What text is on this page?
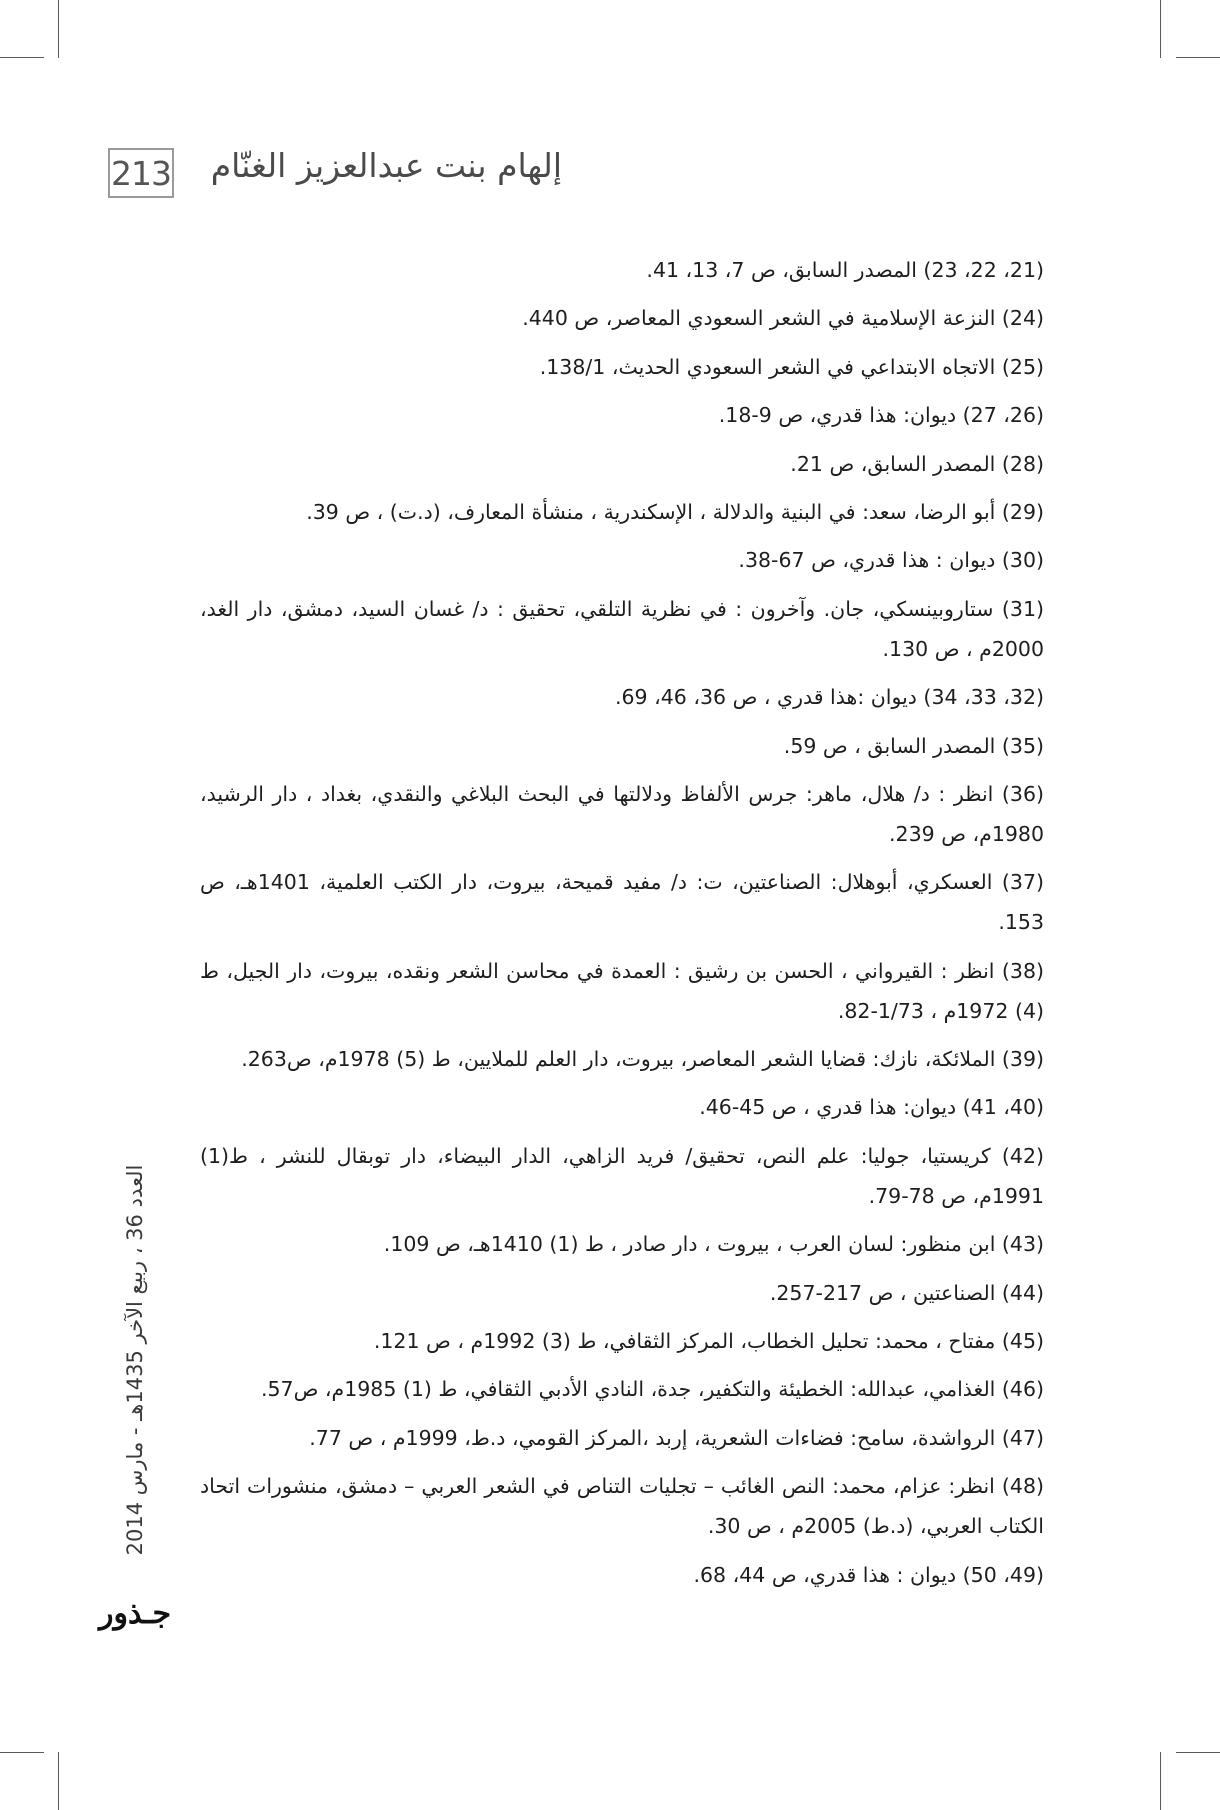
213	إلهام بنت عبدالعزيز الغنّام
(21، 22، 23) المصدر السابق، ص 7، 13، 41.
(24) النزعة الإسلامية في الشعر السعودي المعاصر، ص 440.
(25) الاتجاه الابتداعي في الشعر السعودي الحديث، 138/1.
(26، 27) ديوان: هذا قدري، ص 9-18.
(28) المصدر السابق، ص 21.
(29) أبو الرضا، سعد: في البنية والدلالة ، الإسكندرية ، منشأة المعارف، (د.ت) ، ص 39.
(30) ديوان : هذا قدري، ص 67-38.
(31) ستاروبينسكي، جان. وآخرون : في نظرية التلقي، تحقيق : د/ غسان السيد، دمشق، دار الغد، 2000م ، ص 130.
(32، 33، 34) ديوان :هذا قدري ، ص 36، 46، 69.
(35) المصدر السابق ، ص 59.
(36) انظر : د/ هلال، ماهر: جرس الألفاظ ودلالتها في البحث البلاغي والنقدي، بغداد ، دار الرشيد، 1980م، ص 239.
(37) العسكري، أبوهلال: الصناعتين، ت: د/ مفيد قميحة، بيروت، دار الكتب العلمية، 1401هـ، ص 153.
(38) انظر : القيرواني ، الحسن بن رشيق : العمدة في محاسن الشعر ونقده، بيروت، دار الجيل، ط (4) 1972م ، 1/73-82.
(39) الملائكة، نازك: قضايا الشعر المعاصر، بيروت، دار العلم للملايين، ط (5) 1978م، ص263.
(40، 41) ديوان: هذا قدري ، ص 45-46.
(42) كريستيا، جوليا: علم النص، تحقيق/ فريد الزاهي، الدار البيضاء، دار توبقال للنشر ، ط(1) 1991م، ص 78-79.
(43) ابن منظور: لسان العرب ، بيروت ، دار صادر ، ط (1) 1410هـ، ص 109.
(44) الصناعتين ، ص 217-257.
(45) مفتاح ، محمد: تحليل الخطاب، المركز الثقافي، ط (3) 1992م ، ص 121.
(46) الغذامي، عبدالله: الخطيئة والتكفير، جدة، النادي الأدبي الثقافي، ط (1) 1985م، ص57.
(47) الرواشدة، سامح: فضاءات الشعرية، إربد ،المركز القومي، د.ط، 1999م ، ص 77.
(48) انظر: عزام، محمد: النص الغائب – تجليات التناص في الشعر العربي – دمشق، منشورات اتحاد الكتاب العربي، (د.ط) 2005م ، ص 30.
(49، 50) ديوان : هذا قدري، ص 44، 68.
العدد 36 ، ربيع الآخر 1435هـ - مارس 2014
جـذور
